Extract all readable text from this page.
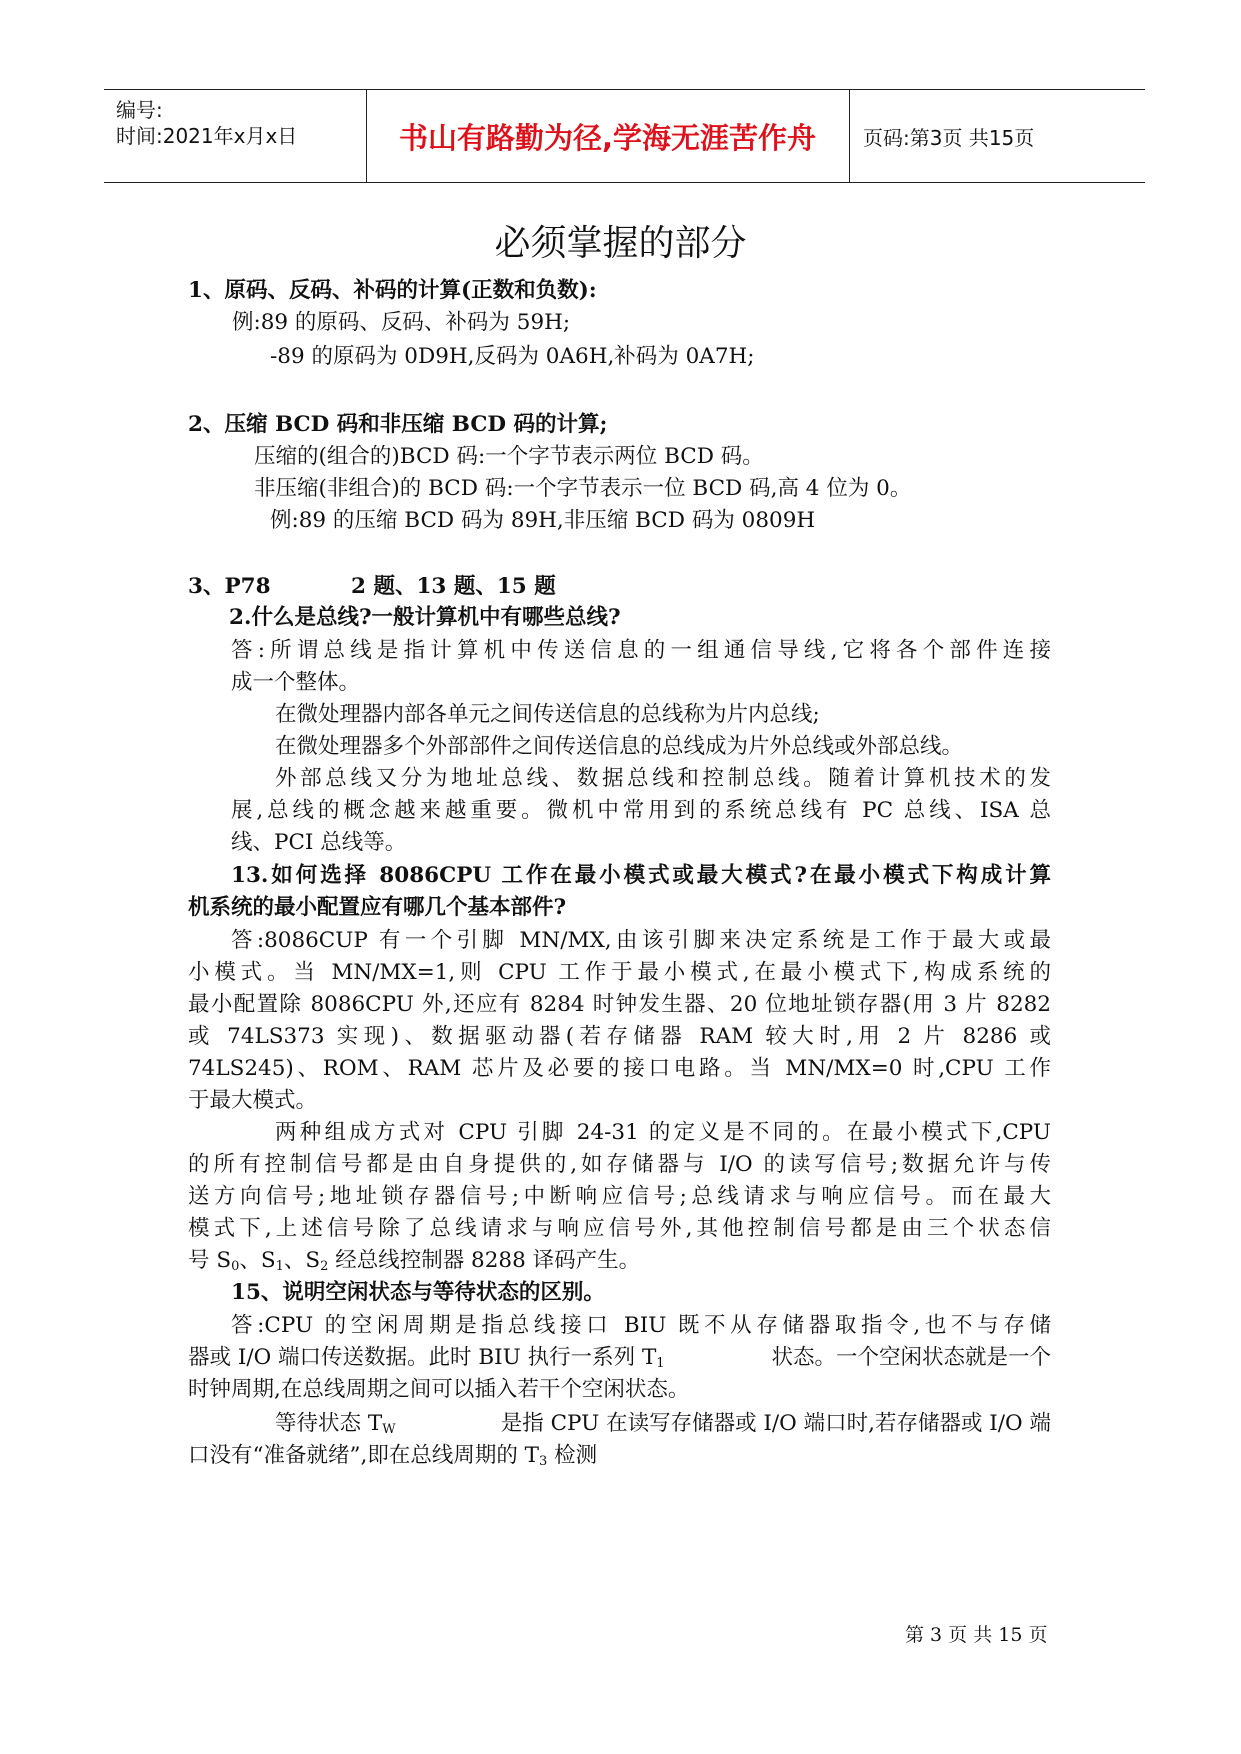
编号:
时间:2021年x月x日	书山有路勤为径,学海无涯苦作舟	页码:第3页 共15页
必须掌握的部分
1、原码、反码、补码的计算(正数和负数):
例:89 的原码、反码、补码为 59H;
-89 的原码为 0D9H,反码为 0A6H,补码为 0A7H;
2、压缩 BCD 码和非压缩 BCD 码的计算;
压缩的(组合的)BCD 码:一个字节表示两位 BCD 码。
非压缩(非组合)的 BCD 码:一个字节表示一位 BCD 码,高 4 位为 0。
例:89 的压缩 BCD 码为 89H,非压缩 BCD 码为 0809H
3、P78	2 题、13 题、15 题
2.什么是总线?一般计算机中有哪些总线?
答:所谓总线是指计算机中传送信息的一组通信导线,它将各个部件连接
成一个整体。
在微处理器内部各单元之间传送信息的总线称为片内总线;
在微处理器多个外部部件之间传送信息的总线成为片外总线或外部总线。
外部总线又分为地址总线、数据总线和控制总线。随着计算机技术的发
展,总线的概念越来越重要。微机中常用到的系统总线有 PC 总线、ISA 总
线、PCI 总线等。
13.如何选择 8086CPU 工作在最小模式或最大模式?在最小模式下构成计算
机系统的最小配置应有哪几个基本部件?
答:8086CUP 有一个引脚 MN/MX,由该引脚来决定系统是工作于最大或最
小模式。当 MN/MX=1,则 CPU 工作于最小模式,在最小模式下,构成系统的
最小配置除 8086CPU 外,还应有 8284 时钟发生器、20 位地址锁存器(用 3 片 8282
或 74LS373 实现)、数据驱动器(若存储器 RAM 较大时,用 2 片 8286 或
74LS245)、ROM、RAM 芯片及必要的接口电路。当 MN/MX=0 时,CPU 工作
于最大模式。
两种组成方式对 CPU 引脚 24-31 的定义是不同的。在最小模式下,CPU
的所有控制信号都是由自身提供的,如存储器与 I/O 的读写信号;数据允许与传
送方向信号;地址锁存器信号;中断响应信号;总线请求与响应信号。而在最大
模式下,上述信号除了总线请求与响应信号外,其他控制信号都是由三个状态信
号 $S_0$、$S_1$、$S_2$ 经总线控制器 8288 译码产生。
15、说明空闲状态与等待状态的区别。
答:CPU 的空闲周期是指总线接口 BIU 既不从存储器取指令,也不与存储
器或 I/O 端口传送数据。此时 BIU 执行一系列 $T_1$	状态。一个空闲状态就是一个
时钟周期,在总线周期之间可以插入若干个空闲状态。
等待状态 $T_W$	是指 CPU 在读写存储器或 I/O 端口时,若存储器或 I/O 端
口没有“准备就绪”,即在总线周期的 $T_3$ 检测
第 3 页 共 15 页
